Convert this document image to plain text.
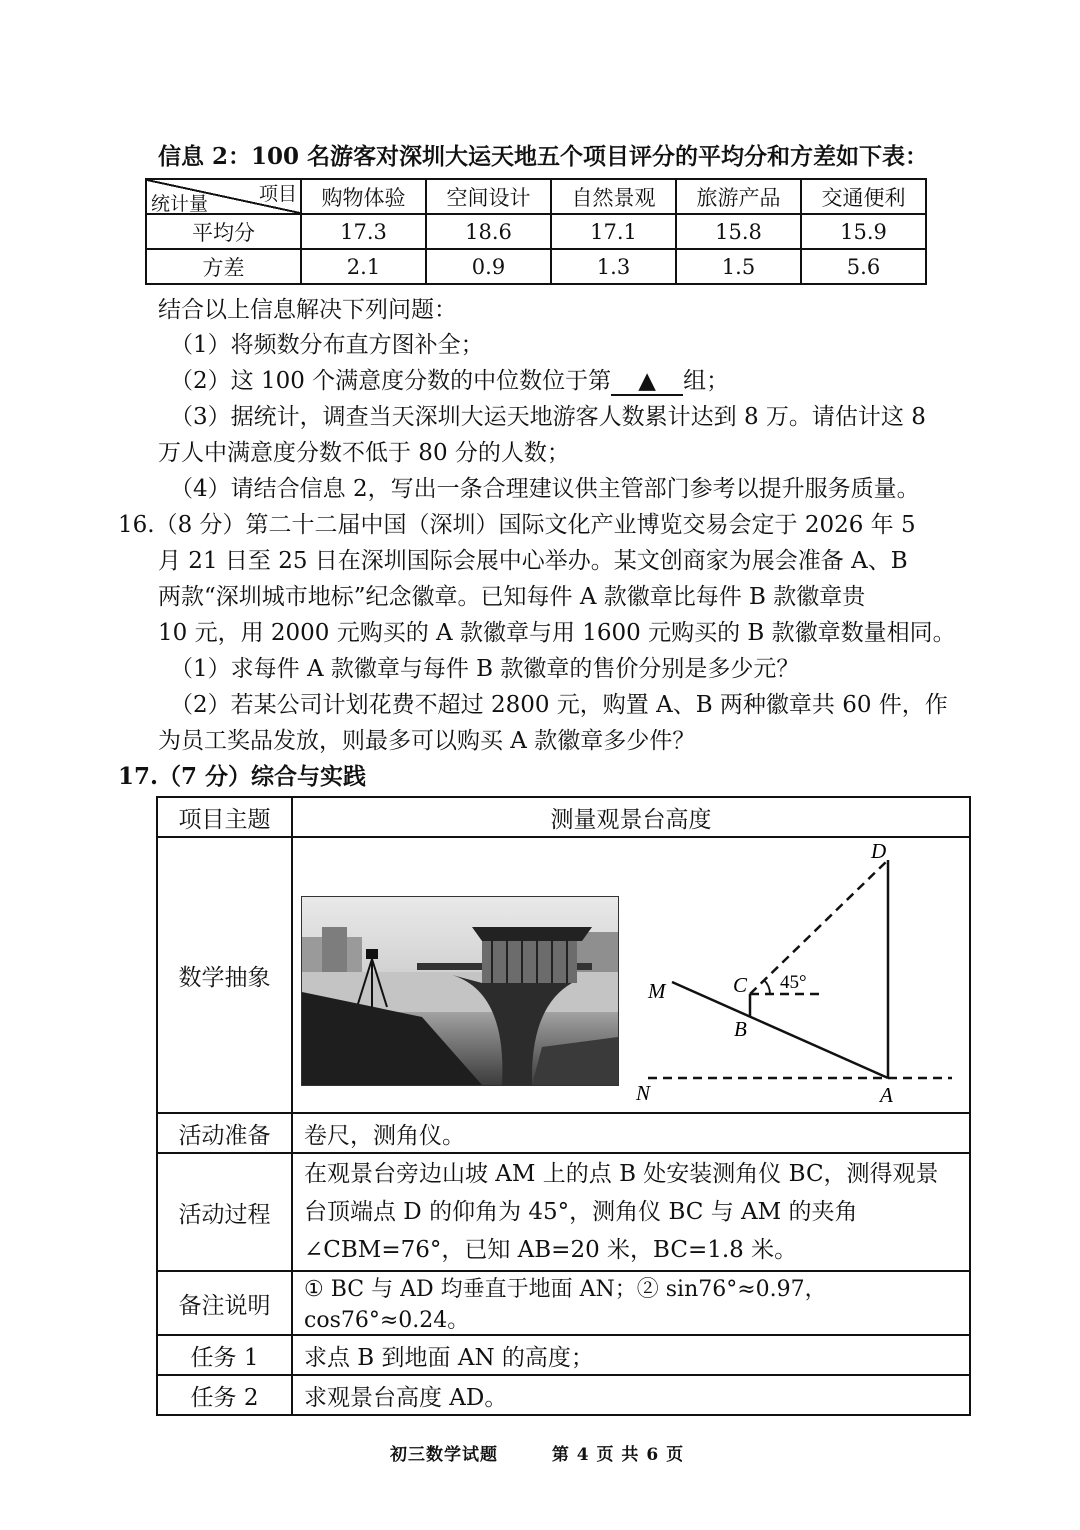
信息 2：100 名游客对深圳大运天地五个项目评分的平均分和方差如下表：
项目
统计量	购物体验	空间设计	自然景观	旅游产品	交通便利
平均分	17.3	18.6	17.1	15.8	15.9
方差	2.1	0.9	1.3	1.5	5.6
结合以上信息解决下列问题：
（1）将频数分布直方图补全；
（2）这 100 个满意度分数的中位数位于第 ▲ 组；
（3）据统计，调查当天深圳大运天地游客人数累计达到 8 万。请估计这 8
万人中满意度分数不低于 80 分的人数；
（4）请结合信息 2，写出一条合理建议供主管部门参考以提升服务质量。
16.（8 分）第二十二届中国（深圳）国际文化产业博览交易会定于 2026 年 5
月 21 日至 25 日在深圳国际会展中心举办。某文创商家为展会准备 A、B
两款“深圳城市地标”纪念徽章。已知每件 A 款徽章比每件 B 款徽章贵
10 元，用 2000 元购买的 A 款徽章与用 1600 元购买的 B 款徽章数量相同。
（1）求每件 A 款徽章与每件 B 款徽章的售价分别是多少元？
（2）若某公司计划花费不超过 2800 元，购置 A、B 两种徽章共 60 件，作
为员工奖品发放，则最多可以购买 A 款徽章多少件？
17.（7 分）综合与实践
项目主题	测量观景台高度
数学抽象	
活动准备	卷尺，测角仪。
活动过程	在观景台旁边山坡 AM 上的点 B 处安装测角仪 BC，测得观景
台顶端点 D 的仰角为 45°，测角仪 BC 与 AM 的夹角
∠CBM=76°，已知 AB=20 米，BC=1.8 米。

备注说明	① BC 与 AD 均垂直于地面 AN；② sin76°≈0.97，cos76°≈0.24。
任务 1	求点 B 到地面 AN 的高度；
任务 2	求观景台高度 AD。
D
C
M
B
N	A
45°
初三数学试题	第 4 页 共 6 页
